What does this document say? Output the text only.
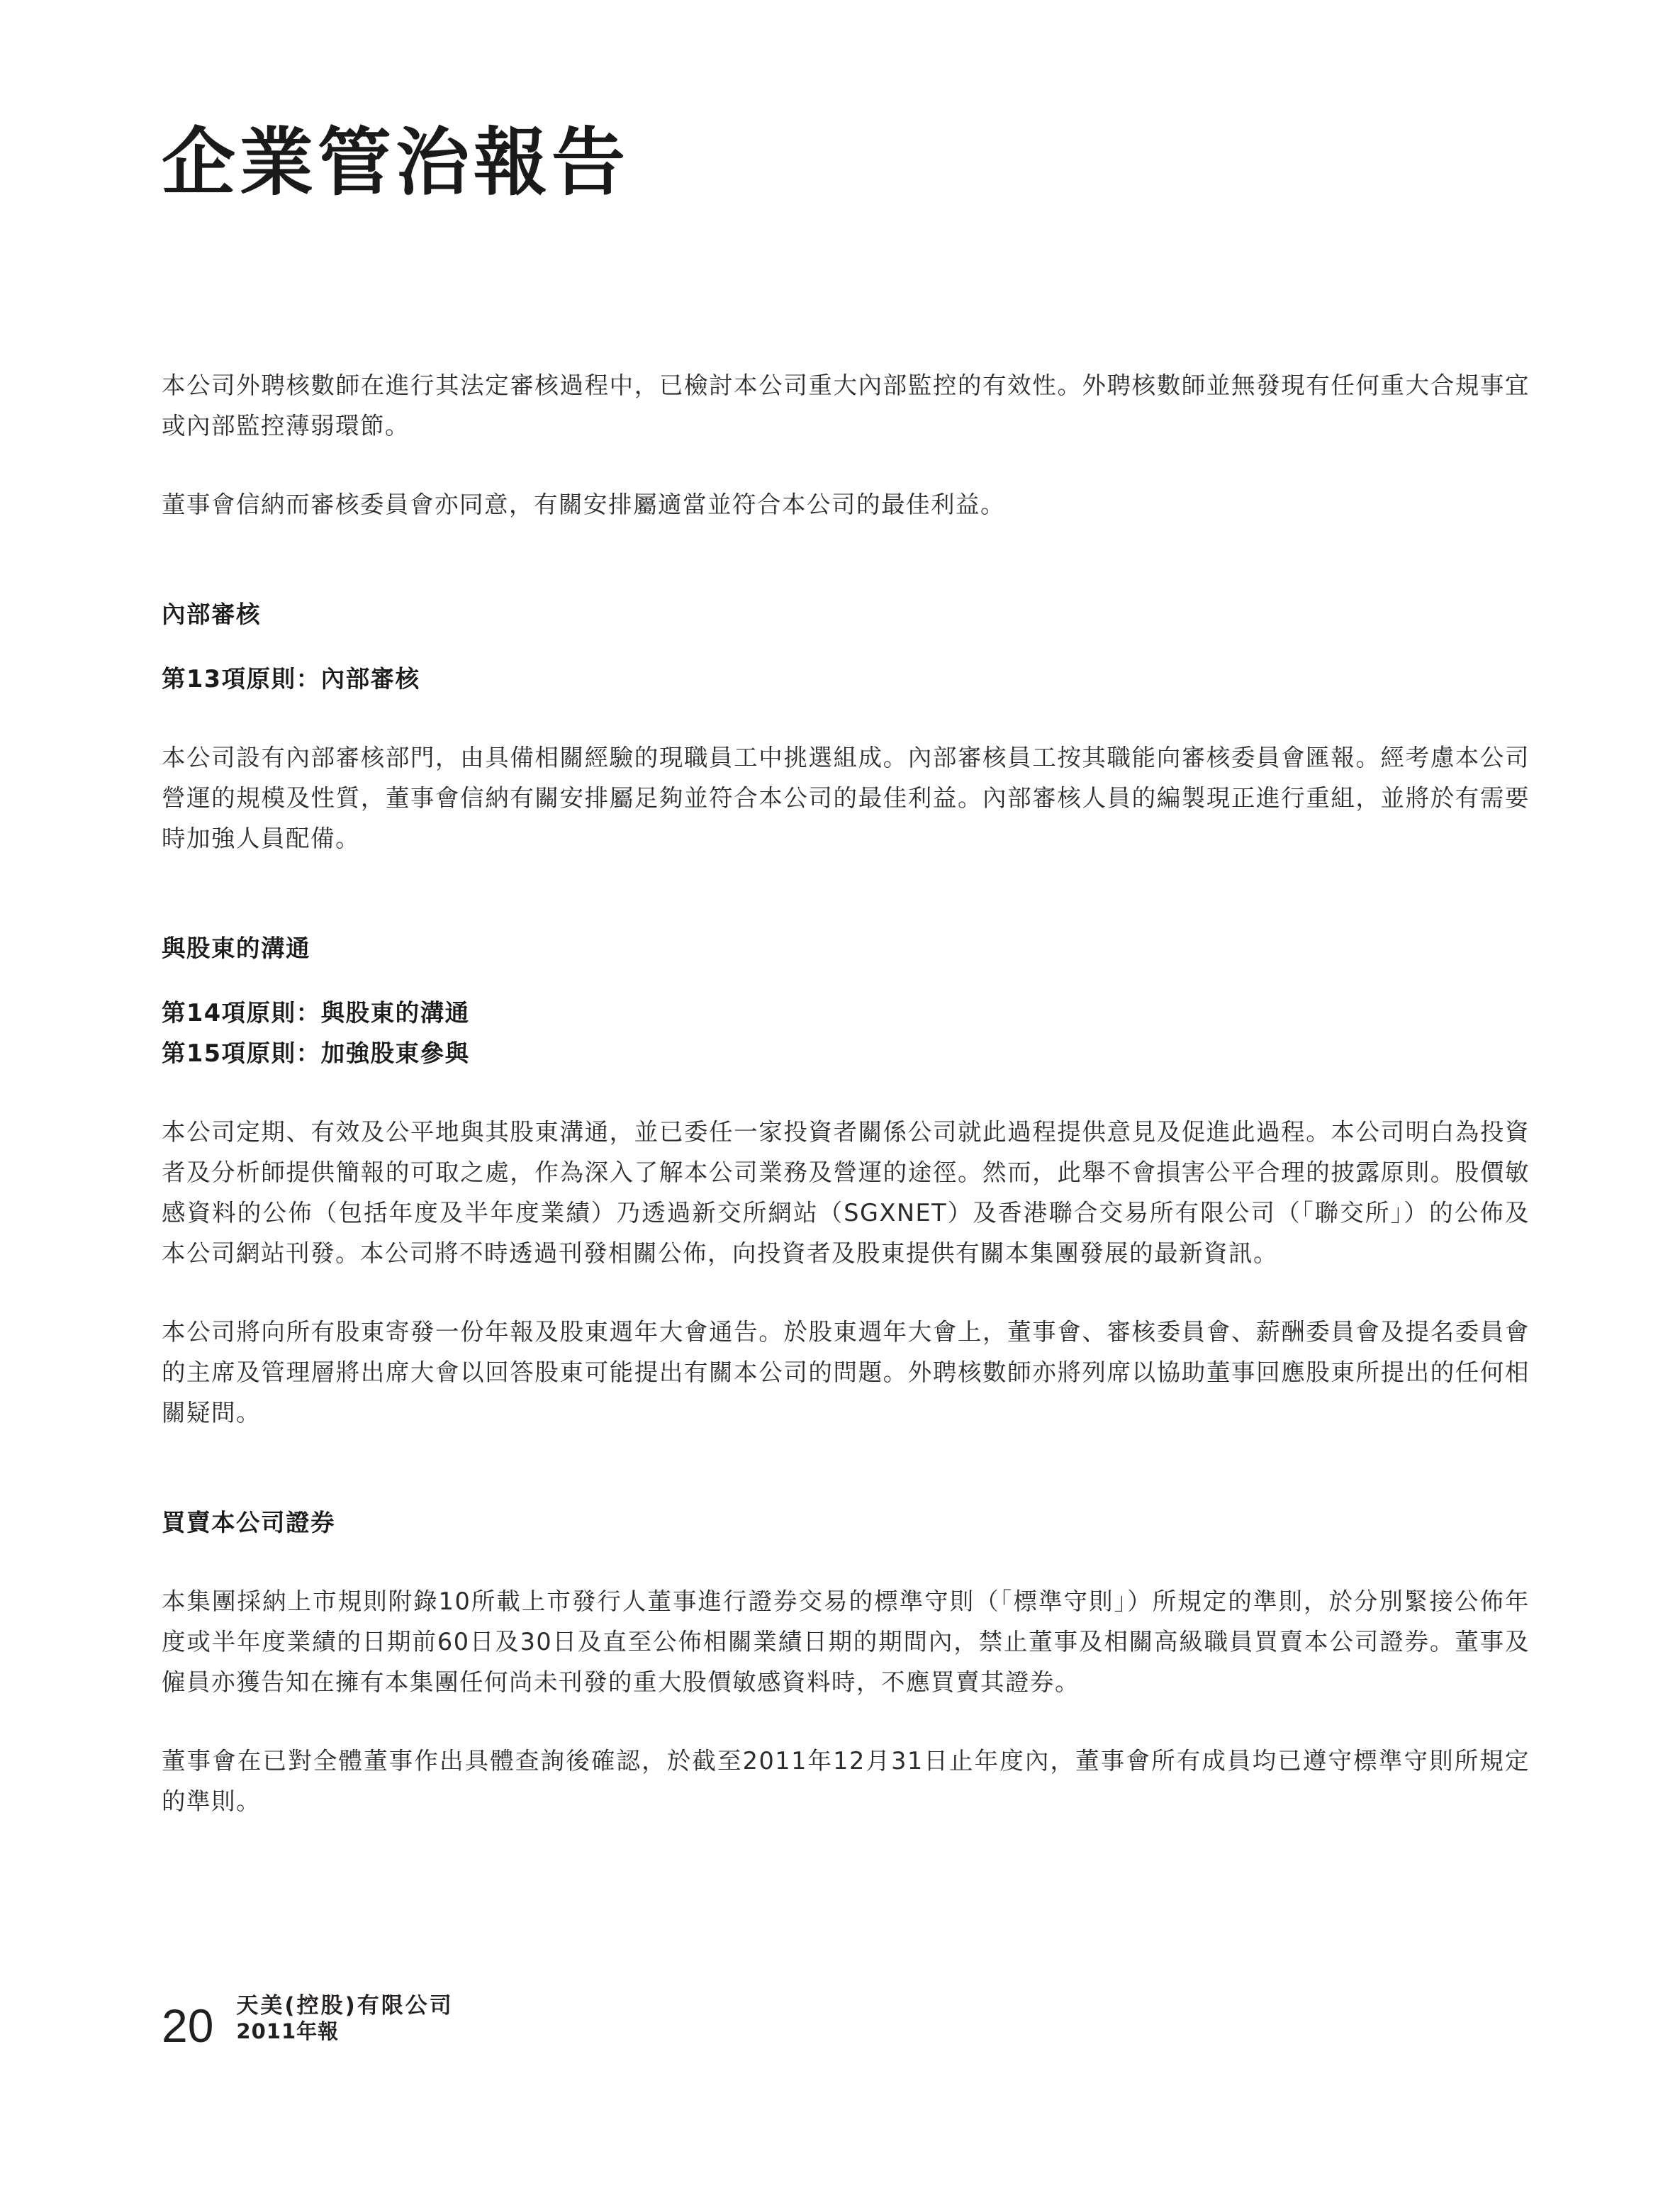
企業管治報告

本公司外聘核數師在進行其法定審核過程中，已檢討本公司重大內部監控的有效性。外聘核數師並無發現有任何重大合規事宜或內部監控薄弱環節。

董事會信納而審核委員會亦同意，有關安排屬適當並符合本公司的最佳利益。

內部審核
第13項原則：內部審核

本公司設有內部審核部門，由具備相關經驗的現職員工中挑選組成。內部審核員工按其職能向審核委員會匯報。經考慮本公司營運的規模及性質，董事會信納有關安排屬足夠並符合本公司的最佳利益。內部審核人員的編製現正進行重組，並將於有需要時加強人員配備。

與股東的溝通
第14項原則：與股東的溝通
第15項原則：加強股東參與

本公司定期、有效及公平地與其股東溝通，並已委任一家投資者關係公司就此過程提供意見及促進此過程。本公司明白為投資者及分析師提供簡報的可取之處，作為深入了解本公司業務及營運的途徑。然而，此舉不會損害公平合理的披露原則。股價敏感資料的公佈（包括年度及半年度業績）乃透過新交所網站（SGXNET）及香港聯合交易所有限公司（「聯交所」）的公佈及本公司網站刊發。本公司將不時透過刊發相關公佈，向投資者及股東提供有關本集團發展的最新資訊。

本公司將向所有股東寄發一份年報及股東週年大會通告。於股東週年大會上，董事會、審核委員會、薪酬委員會及提名委員會的主席及管理層將出席大會以回答股東可能提出有關本公司的問題。外聘核數師亦將列席以協助董事回應股東所提出的任何相關疑問。

買賣本公司證券

本集團採納上市規則附錄10所載上市發行人董事進行證券交易的標準守則（「標準守則」）所規定的準則，於分別緊接公佈年度或半年度業績的日期前60日及30日及直至公佈相關業績日期的期間內，禁止董事及相關高級職員買賣本公司證券。董事及僱員亦獲告知在擁有本集團任何尚未刊發的重大股價敏感資料時，不應買賣其證券。

董事會在已對全體董事作出具體查詢後確認，於截至2011年12月31日止年度內，董事會所有成員均已遵守標準守則所規定的準則。

20 天美(控股)有限公司
2011年報
